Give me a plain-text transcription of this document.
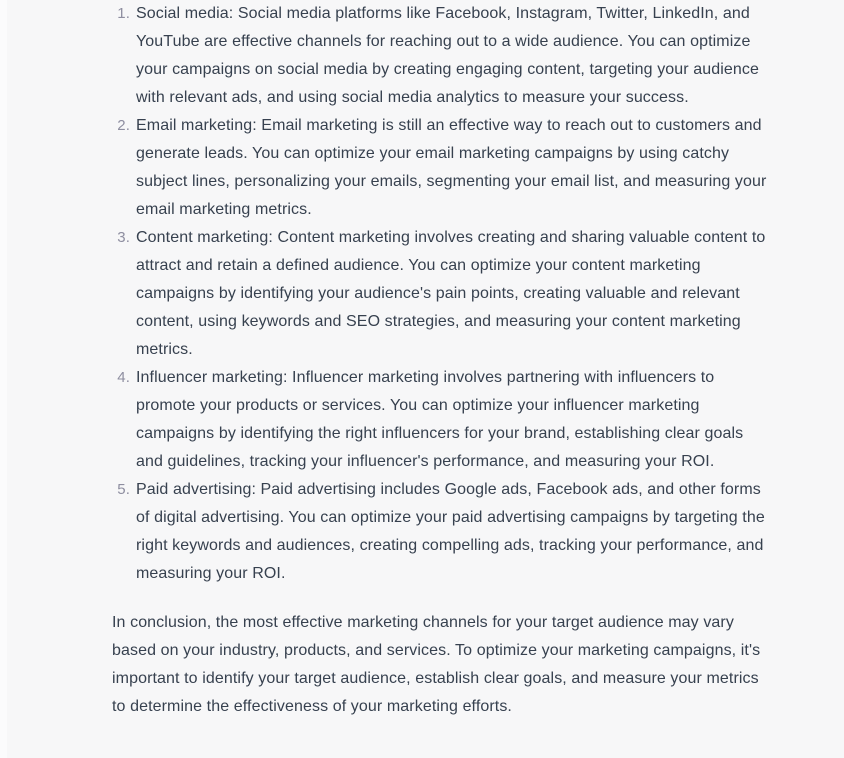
1. Social media: Social media platforms like Facebook, Instagram, Twitter, LinkedIn, and YouTube are effective channels for reaching out to a wide audience. You can optimize your campaigns on social media by creating engaging content, targeting your audience with relevant ads, and using social media analytics to measure your success.
2. Email marketing: Email marketing is still an effective way to reach out to customers and generate leads. You can optimize your email marketing campaigns by using catchy subject lines, personalizing your emails, segmenting your email list, and measuring your email marketing metrics.
3. Content marketing: Content marketing involves creating and sharing valuable content to attract and retain a defined audience. You can optimize your content marketing campaigns by identifying your audience's pain points, creating valuable and relevant content, using keywords and SEO strategies, and measuring your content marketing metrics.
4. Influencer marketing: Influencer marketing involves partnering with influencers to promote your products or services. You can optimize your influencer marketing campaigns by identifying the right influencers for your brand, establishing clear goals and guidelines, tracking your influencer's performance, and measuring your ROI.
5. Paid advertising: Paid advertising includes Google ads, Facebook ads, and other forms of digital advertising. You can optimize your paid advertising campaigns by targeting the right keywords and audiences, creating compelling ads, tracking your performance, and measuring your ROI.

In conclusion, the most effective marketing channels for your target audience may vary based on your industry, products, and services. To optimize your marketing campaigns, it's important to identify your target audience, establish clear goals, and measure your metrics to determine the effectiveness of your marketing efforts.
